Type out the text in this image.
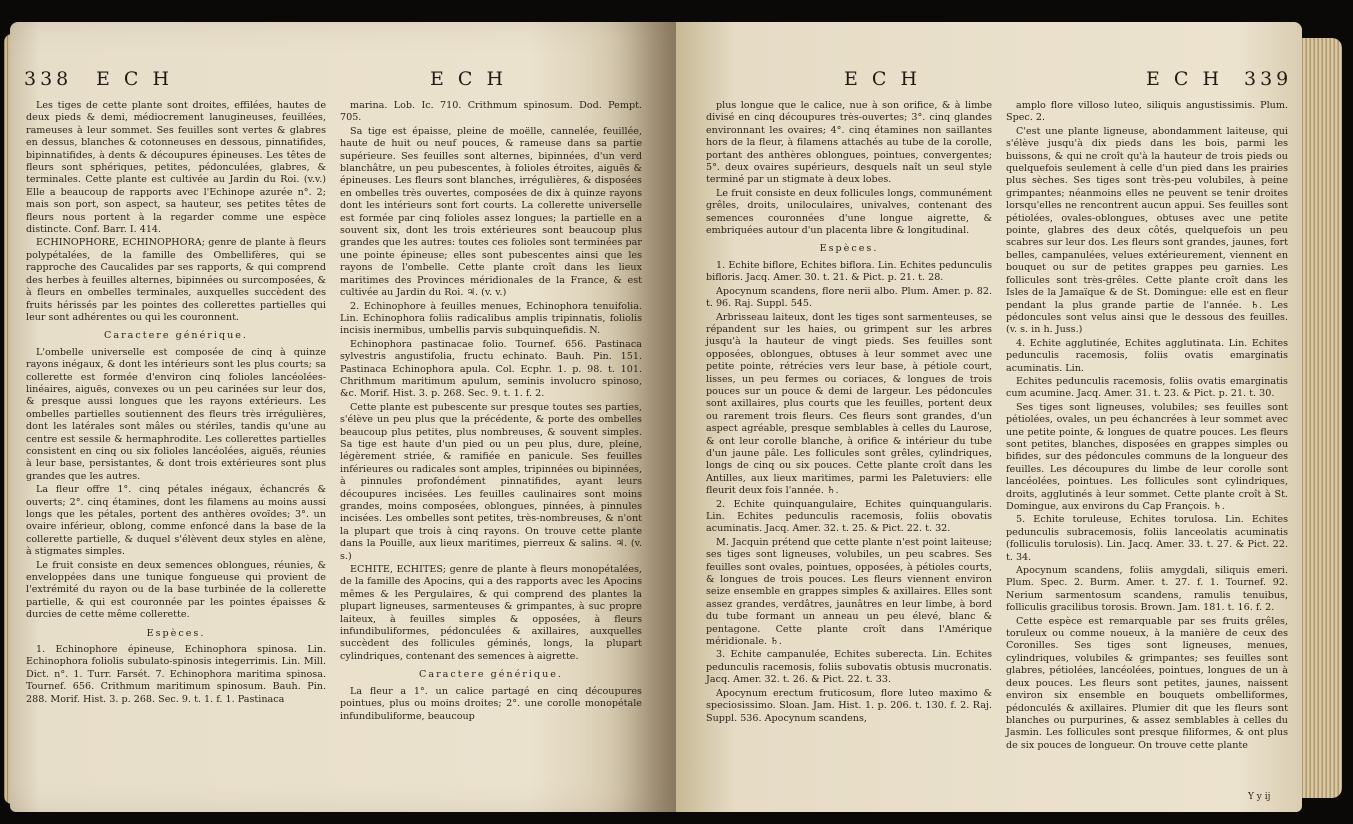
338 E C H	E C H

Les tiges de cette plante sont droites, effilées, hautes de deux pieds & demi, médiocrement lanugineuses, feuillées, rameuses à leur sommet. Ses feuilles sont vertes & glabres en dessus, blanches & cotonneuses en dessous, pinnatifides, bipinnatifides, à dents & découpures épineuses. Les têtes de fleurs sont sphériques, petites, pédonculées, glabres, & terminales. Cette plante est cultivée au Jardin du Roi. (v.v.) Elle a beaucoup de rapports avec l'Echinope azurée n°. 2; mais son port, son aspect, sa hauteur, ses petites têtes de fleurs nous portent à la regarder comme une espèce distincte. Conf. Barr. I. 414.

ECHINOPHORE, ECHINOPHORA; genre de plante à fleurs polypétalées, de la famille des Ombellifères, qui se rapproche des Caucalides par ses rapports, & qui comprend des herbes à feuilles alternes, bipinnées ou surcomposées, & à fleurs en ombelles terminales, auxquelles succèdent des fruits hérissés par les pointes des collerettes partielles qui leur sont adhérentes ou qui les couronnent.

Caractere générique.

L'ombelle universelle est composée de cinq à quinze rayons inégaux, & dont les intérieurs sont les plus courts; sa collerette est formée d'environ cinq folioles lancéolées-linéaires, aiguës, convexes ou un peu carinées sur leur dos, & presque aussi longues que les rayons extérieurs. Les ombelles partielles soutiennent des fleurs très irrégulières, dont les latérales sont mâles ou stériles, tandis qu'une au centre est sessile & hermaphrodite. Les collerettes partielles consistent en cinq ou six folioles lancéolées, aiguës, réunies à leur base, persistantes, & dont trois extérieures sont plus grandes que les autres.

La fleur offre 1°. cinq pétales inégaux, échancrés & ouverts; 2°. cinq étamines, dont les filamens au moins aussi longs que les pétales, portent des anthères ovoïdes; 3°. un ovaire inférieur, oblong, comme enfoncé dans la base de la collerette partielle, & duquel s'élèvent deux styles en alène, à stigmates simples.

Le fruit consiste en deux semences oblongues, réunies, & enveloppées dans une tunique fongueuse qui provient de l'extrémité du rayon ou de la base turbinée de la collerette partielle, & qui est couronnée par les pointes épaisses & durcies de cette même collerette.

Espèces.

1. Echinophore épineuse, Echinophora spinosa. Lin. Echinophora foliolis subulato-spinosis integerrimis. Lin. Mill. Dict. n°. 1. Turr. Farsét. 7. Echinophora maritima spinosa. Tournef. 656. Crithmum maritimum spinosum. Bauh. Pin. 288. Morif. Hist. 3. p. 268. Sec. 9. t. 1. f. 1. Pastinaca

marina. Lob. Ic. 710. Crithmum spinosum. Dod. Pempt. 705.

Sa tige est épaisse, pleine de moëlle, cannelée, feuillée, haute de huit ou neuf pouces, & rameuse dans sa partie supérieure. Ses feuilles sont alternes, bipinnées, d'un verd blanchâtre, un peu pubescentes, à folioles étroites, aiguës & épineuses. Les fleurs sont blanches, irrégulières, & disposées en ombelles très ouvertes, composées de dix à quinze rayons dont les intérieurs sont fort courts. La collerette universelle est formée par cinq folioles assez longues; la partielle en a souvent six, dont les trois extérieures sont beaucoup plus grandes que les autres: toutes ces folioles sont terminées par une pointe épineuse; elles sont pubescentes ainsi que les rayons de l'ombelle. Cette plante croît dans les lieux maritimes des Provinces méridionales de la France, & est cultivée au Jardin du Roi. ♃. (v. v.)

2. Echinophore à feuilles menues, Echinophora tenuifolia. Lin. Echinophora foliis radicalibus amplis tripinnatis, foliolis incisis inermibus, umbellis parvis subquinquefidis. N.

Echinophora pastinacae folio. Tournef. 656. Pastinaca sylvestris angustifolia, fructu echinato. Bauh. Pin. 151. Pastinaca Echinophora apula. Col. Ecphr. 1. p. 98. t. 101. Chrithmum maritimum apulum, seminis involucro spinoso, &c. Morif. Hist. 3. p. 268. Sec. 9. t. 1. f. 2.

Cette plante est pubescente sur presque toutes ses parties, s'élève un peu plus que la précédente, & porte des ombelles beaucoup plus petites, plus nombreuses, & souvent simples. Sa tige est haute d'un pied ou un peu plus, dure, pleine, légèrement striée, & ramifiée en panicule. Ses feuilles inférieures ou radicales sont amples, tripinnées ou bipinnées, à pinnules profondément pinnatifides, ayant leurs découpures incisées. Les feuilles caulinaires sont moins grandes, moins composées, oblongues, pinnées, à pinnules incisées. Les ombelles sont petites, très-nombreuses, & n'ont la plupart que trois à cinq rayons. On trouve cette plante dans la Pouille, aux lieux maritimes, pierreux & salins. ♃. (v. s.)

ECHITE, ECHITES; genre de plante à fleurs monopétalées, de la famille des Apocins, qui a des rapports avec les Apocins mêmes & les Pergulaires, & qui comprend des plantes la plupart ligneuses, sarmenteuses & grimpantes, à suc propre laiteux, à feuilles simples & opposées, à fleurs infundibuliformes, pédonculées & axillaires, auxquelles succèdent des follicules géminés, longs, la plupart cylindriques, contenant des semences à aigrette.

Caractere générique.

La fleur a 1°. un calice partagé en cinq découpures pointues, plus ou moins droites; 2°. une corolle monopétale infundibuliforme, beaucoup

E C H	E C H 339

plus longue que le calice, nue à son orifice, & à limbe divisé en cinq découpures très-ouvertes; 3°. cinq glandes environnant les ovaires; 4°. cinq étamines non saillantes hors de la fleur, à filamens attachés au tube de la corolle, portant des anthères oblongues, pointues, convergentes; 5°. deux ovaires supérieurs, desquels naît un seul style terminé par un stigmate à deux lobes.

Le fruit consiste en deux follicules longs, communément grêles, droits, uniloculaires, univalves, contenant des semences couronnées d'une longue aigrette, & embriquées autour d'un placenta libre & longitudinal.

Espèces.

1. Echite biflore, Echites biflora. Lin. Echites pedunculis bifloris. Jacq. Amer. 30. t. 21. & Pict. p. 21. t. 28.

Apocynum scandens, flore nerii albo. Plum. Amer. p. 82. t. 96. Raj. Suppl. 545.

Arbrisseau laiteux, dont les tiges sont sarmenteuses, se répandent sur les haies, ou grimpent sur les arbres jusqu'à la hauteur de vingt pieds. Ses feuilles sont opposées, oblongues, obtuses à leur sommet avec une petite pointe, rétrécies vers leur base, à pétiole court, lisses, un peu fermes ou coriaces, & longues de trois pouces sur un pouce & demi de largeur. Les pédoncules sont axillaires, plus courts que les feuilles, portent deux ou rarement trois fleurs. Ces fleurs sont grandes, d'un aspect agréable, presque semblables à celles du Laurose, & ont leur corolle blanche, à orifice & intérieur du tube d'un jaune pâle. Les follicules sont grêles, cylindriques, longs de cinq ou six pouces. Cette plante croît dans les Antilles, aux lieux maritimes, parmi les Paletuviers: elle fleurit deux fois l'année. ♄.

2. Echite quinquangulaire, Echites quinquangularis. Lin. Echites pedunculis racemosis, foliis obovatis acuminatis. Jacq. Amer. 32. t. 25. & Pict. 22. t. 32.

M. Jacquin prétend que cette plante n'est point laiteuse; ses tiges sont ligneuses, volubiles, un peu scabres. Ses feuilles sont ovales, pointues, opposées, à pétioles courts, & longues de trois pouces. Les fleurs viennent environ seize ensemble en grappes simples & axillaires. Elles sont assez grandes, verdâtres, jaunâtres en leur limbe, à bord du tube formant un anneau un peu élevé, blanc & pentagone. Cette plante croît dans l'Amérique méridionale. ♄.

3. Echite campanulée, Echites suberecta. Lin. Echites pedunculis racemosis, foliis subovatis obtusis mucronatis. Jacq. Amer. 32. t. 26. & Pict. 22. t. 33.

Apocynum erectum fruticosum, flore luteo maximo & speciosissimo. Sloan. Jam. Hist. 1. p. 206. t. 130. f. 2. Raj. Suppl. 536. Apocynum scandens,

amplo flore villoso luteo, siliquis angustissimis. Plum. Spec. 2.

C'est une plante ligneuse, abondamment laiteuse, qui s'élève jusqu'à dix pieds dans les bois, parmi les buissons, & qui ne croît qu'à la hauteur de trois pieds ou quelquefois seulement à celle d'un pied dans les prairies plus sèches. Ses tiges sont très-peu volubiles, à peine grimpantes; néanmoins elles ne peuvent se tenir droites lorsqu'elles ne rencontrent aucun appui. Ses feuilles sont pétiolées, ovales-oblongues, obtuses avec une petite pointe, glabres des deux côtés, quelquefois un peu scabres sur leur dos. Les fleurs sont grandes, jaunes, fort belles, campanulées, velues extérieurement, viennent en bouquet ou sur de petites grappes peu garnies. Les follicules sont très-grêles. Cette plante croît dans les Isles de la Jamaïque & de St. Domingue: elle est en fleur pendant la plus grande partie de l'année. ♄. Les pédoncules sont velus ainsi que le dessous des feuilles. (v. s. in h. Juss.)

4. Echite agglutinée, Echites agglutinata. Lin. Echites pedunculis racemosis, foliis ovatis emarginatis acuminatis. Lin.

Echites pedunculis racemosis, foliis ovatis emarginatis cum acumine. Jacq. Amer. 31. t. 23. & Pict. p. 21. t. 30.

Ses tiges sont ligneuses, volubiles; ses feuilles sont pétiolées, ovales, un peu échancrées à leur sommet avec une petite pointe, & longues de quatre pouces. Les fleurs sont petites, blanches, disposées en grappes simples ou bifides, sur des pédoncules communs de la longueur des feuilles. Les découpures du limbe de leur corolle sont lancéolées, pointues. Les follicules sont cylindriques, droits, agglutinés à leur sommet. Cette plante croît à St. Domingue, aux environs du Cap François. ♄.

5. Echite toruleuse, Echites torulosa. Lin. Echites pedunculis subracemosis, foliis lanceolatis acuminatis (folliculis torulosis). Lin. Jacq. Amer. 33. t. 27. & Pict. 22. t. 34.

Apocynum scandens, foliis amygdali, siliquis emeri. Plum. Spec. 2. Burm. Amer. t. 27. f. 1. Tournef. 92. Nerium sarmentosum scandens, ramulis tenuibus, folliculis gracilibus torosis. Brown. Jam. 181. t. 16. f. 2.

Cette espèce est remarquable par ses fruits grêles, toruleux ou comme noueux, à la manière de ceux des Coronilles. Ses tiges sont ligneuses, menues, cylindriques, volubiles & grimpantes; ses feuilles sont glabres, pétiolées, lancéolées, pointues, longues de un à deux pouces. Les fleurs sont petites, jaunes, naissent environ six ensemble en bouquets ombelliformes, pédonculés & axillaires. Plumier dit que les fleurs sont blanches ou purpurines, & assez semblables à celles du Jasmin. Les follicules sont presque filiformes, & ont plus de six pouces de longueur. On trouve cette plante

Y y ij
